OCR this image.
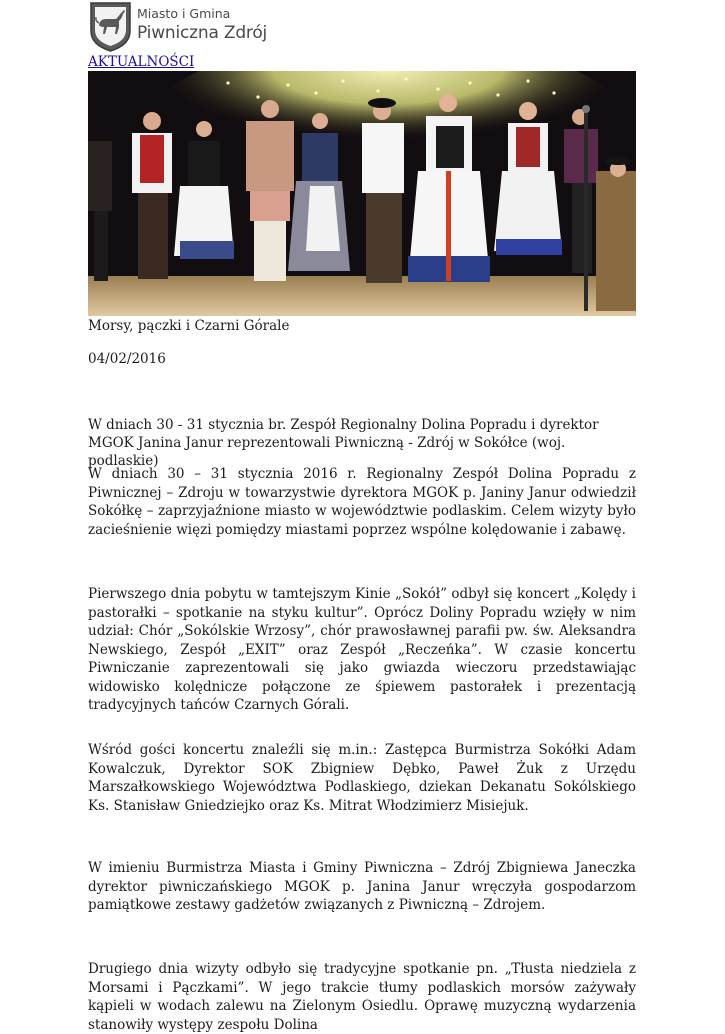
Miasto i Gmina
Piwniczna Zdrój
AKTUALNOŚCI
Morsy, pączki i Czarni Górale
04/02/2016
W dniach 30 - 31 stycznia br. Zespół Regionalny Dolina Popradu i dyrektor MGOK Janina Janur reprezentowali Piwniczną - Zdrój w Sokółce (woj. podlaskie)

W dniach 30 – 31 stycznia 2016 r. Regionalny Zespół Dolina Popradu z Piwnicznej – Zdroju w towarzystwie dyrektora MGOK p. Janiny Janur odwiedził Sokółkę – zaprzyjaźnione miasto w województwie podlaskim. Celem wizyty było zacieśnienie więzi pomiędzy miastami poprzez wspólne kolędowanie i zabawę.

Pierwszego dnia pobytu w tamtejszym Kinie „Sokół” odbył się koncert „Kolędy i pastorałki – spotkanie na styku kultur”. Oprócz Doliny Popradu wzięły w nim udział: Chór „Sokólskie Wrzosy”, chór prawosławnej parafii pw. św. Aleksandra Newskiego, Zespół „EXIT” oraz Zespół „Reczeńka”. W czasie koncertu Piwniczanie zaprezentowali się jako gwiazda wieczoru przedstawiając widowisko kolędnicze połączone ze śpiewem pastorałek i prezentacją tradycyjnych tańców Czarnych Górali.

Wśród gości koncertu znaleźli się m.in.: Zastępca Burmistrza Sokółki Adam Kowalczuk, Dyrektor SOK Zbigniew Dębko, Paweł Żuk z Urzędu Marszałkowskiego Województwa Podlaskiego, dziekan Dekanatu Sokólskiego Ks. Stanisław Gniedziejko oraz Ks. Mitrat Włodzimierz Misiejuk.

W imieniu Burmistrza Miasta i Gminy Piwniczna – Zdrój Zbigniewa Janeczka dyrektor piwniczańskiego MGOK p. Janina Janur wręczyła gospodarzom pamiątkowe zestawy gadżetów związanych z Piwniczną – Zdrojem.

Drugiego dnia wizyty odbyło się tradycyjne spotkanie pn. „Tłusta niedziela z Morsami i Pączkami”. W jego trakcie tłumy podlaskich morsów zażywały kąpieli w wodach zalewu na Zielonym Osiedlu. Oprawę muzyczną wydarzenia stanowiły występy zespołu Dolina
